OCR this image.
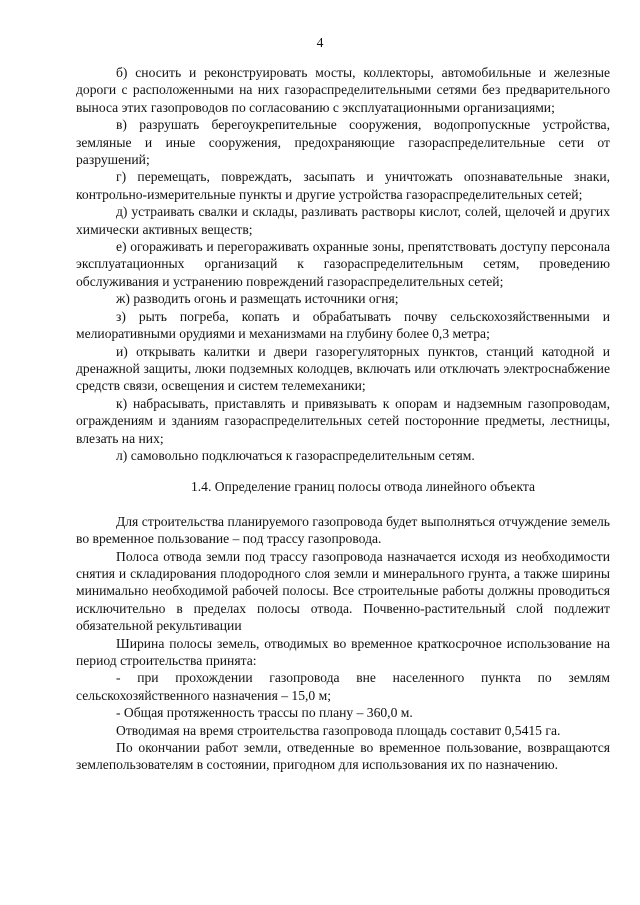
4

б) сносить и реконструировать мосты, коллекторы, автомобильные и железные дороги с расположенными на них газораспределительными сетями без предварительного выноса этих газопроводов по согласованию с эксплуатационными организациями;

в) разрушать берегоукрепительные сооружения, водопропускные устройства, земляные и иные сооружения, предохраняющие газораспределительные сети от разрушений;

г) перемещать, повреждать, засыпать и уничтожать опознавательные знаки, контрольно-измерительные пункты и другие устройства газораспределительных сетей;

д) устраивать свалки и склады, разливать растворы кислот, солей, щелочей и других химически активных веществ;

е) огораживать и перегораживать охранные зоны, препятствовать доступу персонала эксплуатационных организаций к газораспределительным сетям, проведению обслуживания и устранению повреждений газораспределительных сетей;

ж) разводить огонь и размещать источники огня;

з) рыть погреба, копать и обрабатывать почву сельскохозяйственными и мелиоративными орудиями и механизмами на глубину более 0,3 метра;

и) открывать калитки и двери газорегуляторных пунктов, станций катодной и дренажной защиты, люки подземных колодцев, включать или отключать электроснабжение средств связи, освещения и систем телемеханики;

к) набрасывать, приставлять и привязывать к опорам и надземным газопроводам, ограждениям и зданиям газораспределительных сетей посторонние предметы, лестницы, влезать на них;

л) самовольно подключаться к газораспределительным сетям.

1.4. Определение границ полосы отвода линейного объекта

Для строительства планируемого газопровода будет выполняться отчуждение земель во временное пользование – под трассу газопровода.

Полоса отвода земли под трассу газопровода назначается исходя из необходимости снятия и складирования плодородного слоя земли и минерального грунта, а также ширины минимально необходимой рабочей полосы. Все строительные работы должны проводиться исключительно в пределах полосы отвода. Почвенно-растительный слой подлежит обязательной рекультивации

Ширина полосы земель, отводимых во временное краткосрочное использование на период строительства принята:

- при прохождении газопровода вне населенного пункта по землям сельскохозяйственного назначения – 15,0 м;

- Общая протяженность трассы по плану – 360,0 м.

Отводимая на время строительства газопровода площадь составит 0,5415 га.

По окончании работ земли, отведенные во временное пользование, возвращаются землепользователям в состоянии, пригодном для использования их по назначению.
